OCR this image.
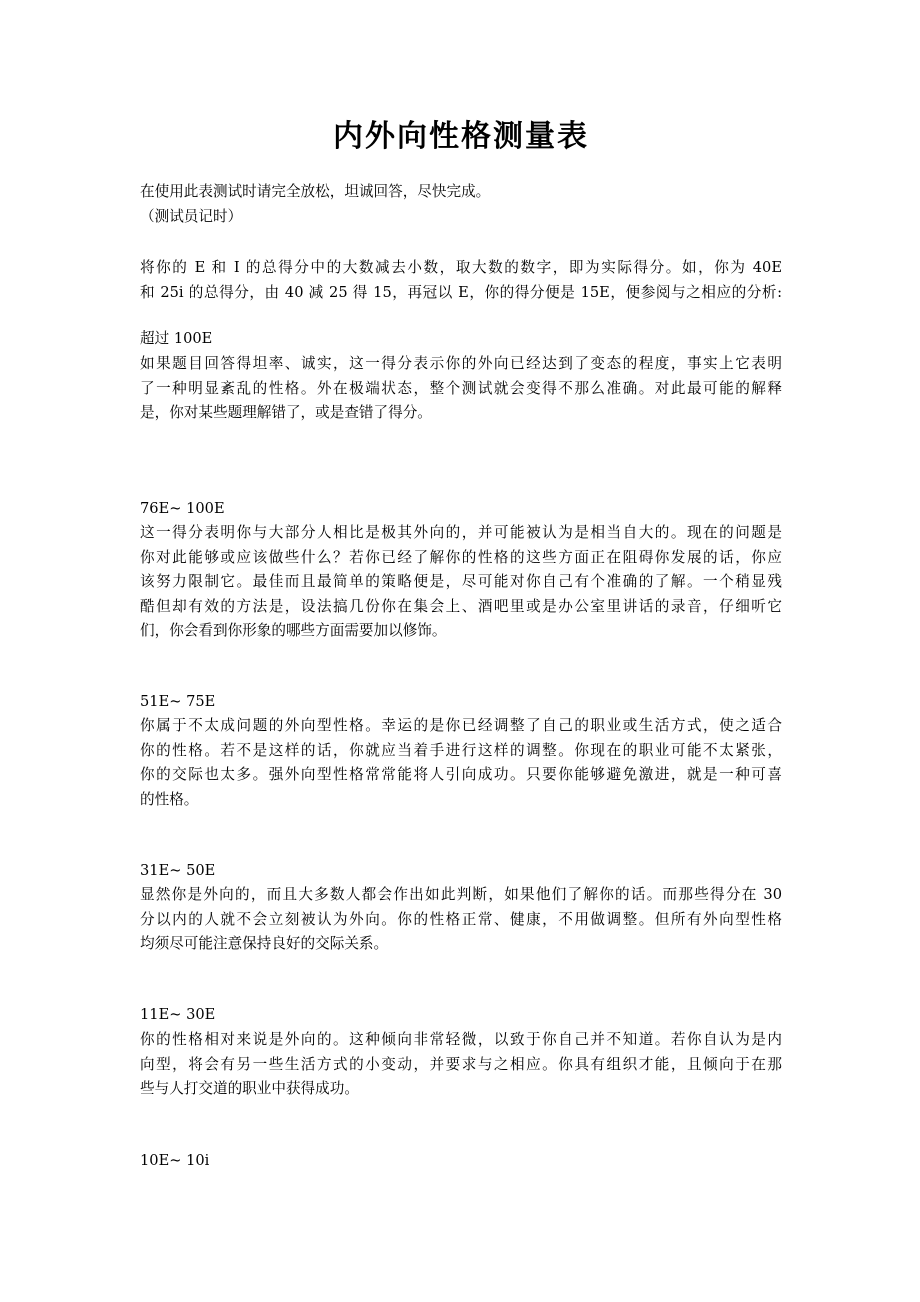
内外向性格测量表
在使用此表测试时请完全放松，坦诚回答，尽快完成。
（测试员记时）
将你的 E 和 I 的总得分中的大数减去小数，取大数的数字，即为实际得分。如，你为 40E
和 25i 的总得分，由 40 减 25 得 15，再冠以 E，你的得分便是 15E，便参阅与之相应的分析:
超过 100E
如果题目回答得坦率、诚实，这一得分表示你的外向已经达到了变态的程度，事实上它表明
了一种明显紊乱的性格。外在极端状态，整个测试就会变得不那么准确。对此最可能的解释
是，你对某些题理解错了，或是查错了得分。
76E~ 100E
这一得分表明你与大部分人相比是极其外向的，并可能被认为是相当自大的。现在的问题是
你对此能够或应该做些什么？若你已经了解你的性格的这些方面正在阻碍你发展的话，你应
该努力限制它。最佳而且最简单的策略便是，尽可能对你自己有个准确的了解。一个稍显残
酷但却有效的方法是，设法搞几份你在集会上、酒吧里或是办公室里讲话的录音，仔细听它
们，你会看到你形象的哪些方面需要加以修饰。
51E~ 75E
你属于不太成问题的外向型性格。幸运的是你已经调整了自己的职业或生活方式，使之适合
你的性格。若不是这样的话，你就应当着手进行这样的调整。你现在的职业可能不太紧张，
你的交际也太多。强外向型性格常常能将人引向成功。只要你能够避免激进，就是一种可喜
的性格。
31E~ 50E
显然你是外向的，而且大多数人都会作出如此判断，如果他们了解你的话。而那些得分在 30
分以内的人就不会立刻被认为外向。你的性格正常、健康，不用做调整。但所有外向型性格
均须尽可能注意保持良好的交际关系。
11E~ 30E
你的性格相对来说是外向的。这种倾向非常轻微，以致于你自己并不知道。若你自认为是内
向型，将会有另一些生活方式的小变动，并要求与之相应。你具有组织才能，且倾向于在那
些与人打交道的职业中获得成功。
10E~ 10i
